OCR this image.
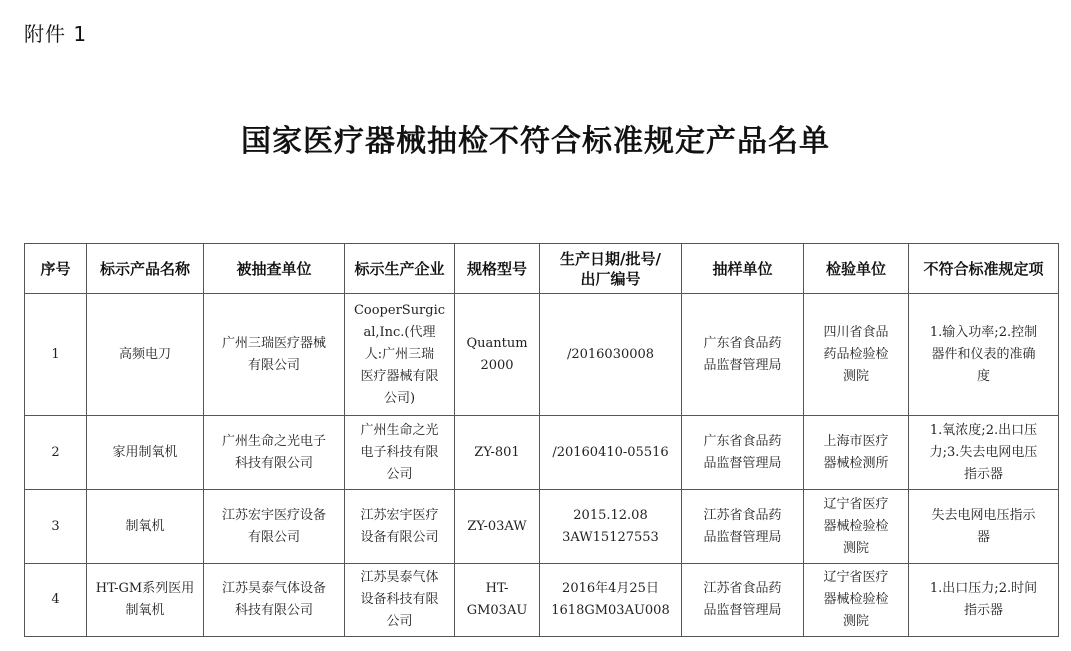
附件 1
国家医疗器械抽检不符合标准规定产品名单
序号	标示产品名称	被抽查单位	标示生产企业	规格型号	生产日期/批号/
出厂编号	抽样单位	检验单位	不符合标准规定项
1	高频电刀	广州三瑞医疗器械
有限公司	CooperSurgic
al,Inc.(代理
人:广州三瑞
医疗器械有限
公司)	Quantum
2000	/2016030008	广东省食品药
品监督管理局	四川省食品
药品检验检
测院	1.输入功率;2.控制
器件和仪表的准确
度
2	家用制氧机	广州生命之光电子
科技有限公司	广州生命之光
电子科技有限
公司	ZY-801	/20160410-05516	广东省食品药
品监督管理局	上海市医疗
器械检测所	1.氧浓度;2.出口压
力;3.失去电网电压
指示器
3	制氧机	江苏宏宇医疗设备
有限公司	江苏宏宇医疗
设备有限公司	ZY-03AW	2015.12.08
3AW15127553	江苏省食品药
品监督管理局	辽宁省医疗
器械检验检
测院	失去电网电压指示
器
4	HT-GM系列医用
制氧机	江苏昊泰气体设备
科技有限公司	江苏昊泰气体
设备科技有限
公司	HT-GM03AU	2016年4月25日
1618GM03AU008	江苏省食品药
品监督管理局	辽宁省医疗
器械检验检
测院	1.出口压力;2.时间
指示器
